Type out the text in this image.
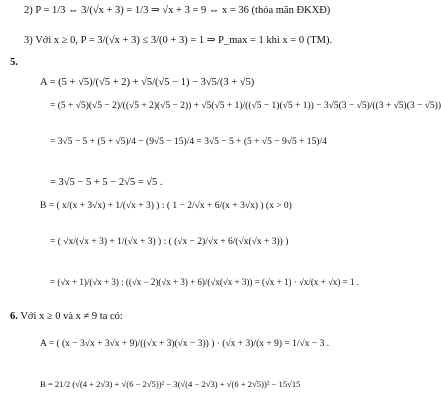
2) P = 1/3 ⇔ 3/(√x + 3) = 1/3 ⇒ √x + 3 = 9 ⇔ x = 36 (thỏa mãn ĐKXĐ)
3) Với x ≥ 0, P = 3/(√x + 3) ≤ 3/(0 + 3) = 1 ⇒ P_max = 1 khi x = 0 (TM).
5.
A = (5 + √5)/(√5 + 2) + √5/(√5 − 1) − 3√5/(3 + √5)
= (5 + √5)(√5 − 2)/((√5 + 2)(√5 − 2)) + √5(√5 + 1)/((√5 − 1)(√5 + 1)) − 3√5(3 − √5)/((3 + √5)(3 − √5))
= 3√5 − 5 + (5 + √5)/4 − (9√5 − 15)/4 = 3√5 − 5 + (5 + √5 − 9√5 + 15)/4
= 3√5 − 5 + 5 − 2√5 = √5 .
B = ( x/(x + 3√x) + 1/(√x + 3) ) : ( 1 − 2/√x + 6/(x + 3√x) ) (x > 0)
= ( √x/(√x + 3) + 1/(√x + 3) ) : ( (√x − 2)/√x + 6/(√x(√x + 3)) )
= (√x + 1)/(√x + 3) : ((√x − 2)(√x + 3) + 6)/(√x(√x + 3)) = (√x + 1) · √x/(x + √x) = 1 .
6. Với x ≥ 0 và x ≠ 9 ta có:
A = ( (x − 3√x + 3√x + 9)/((√x + 3)(√x − 3)) ) · (√x + 3)/(x + 9) = 1/√x − 3 .
B = 21/2 (√(4 + 2√3) + √(6 − 2√5))² − 3(√(4 − 2√3) + √(6 + 2√5))² − 15√15
